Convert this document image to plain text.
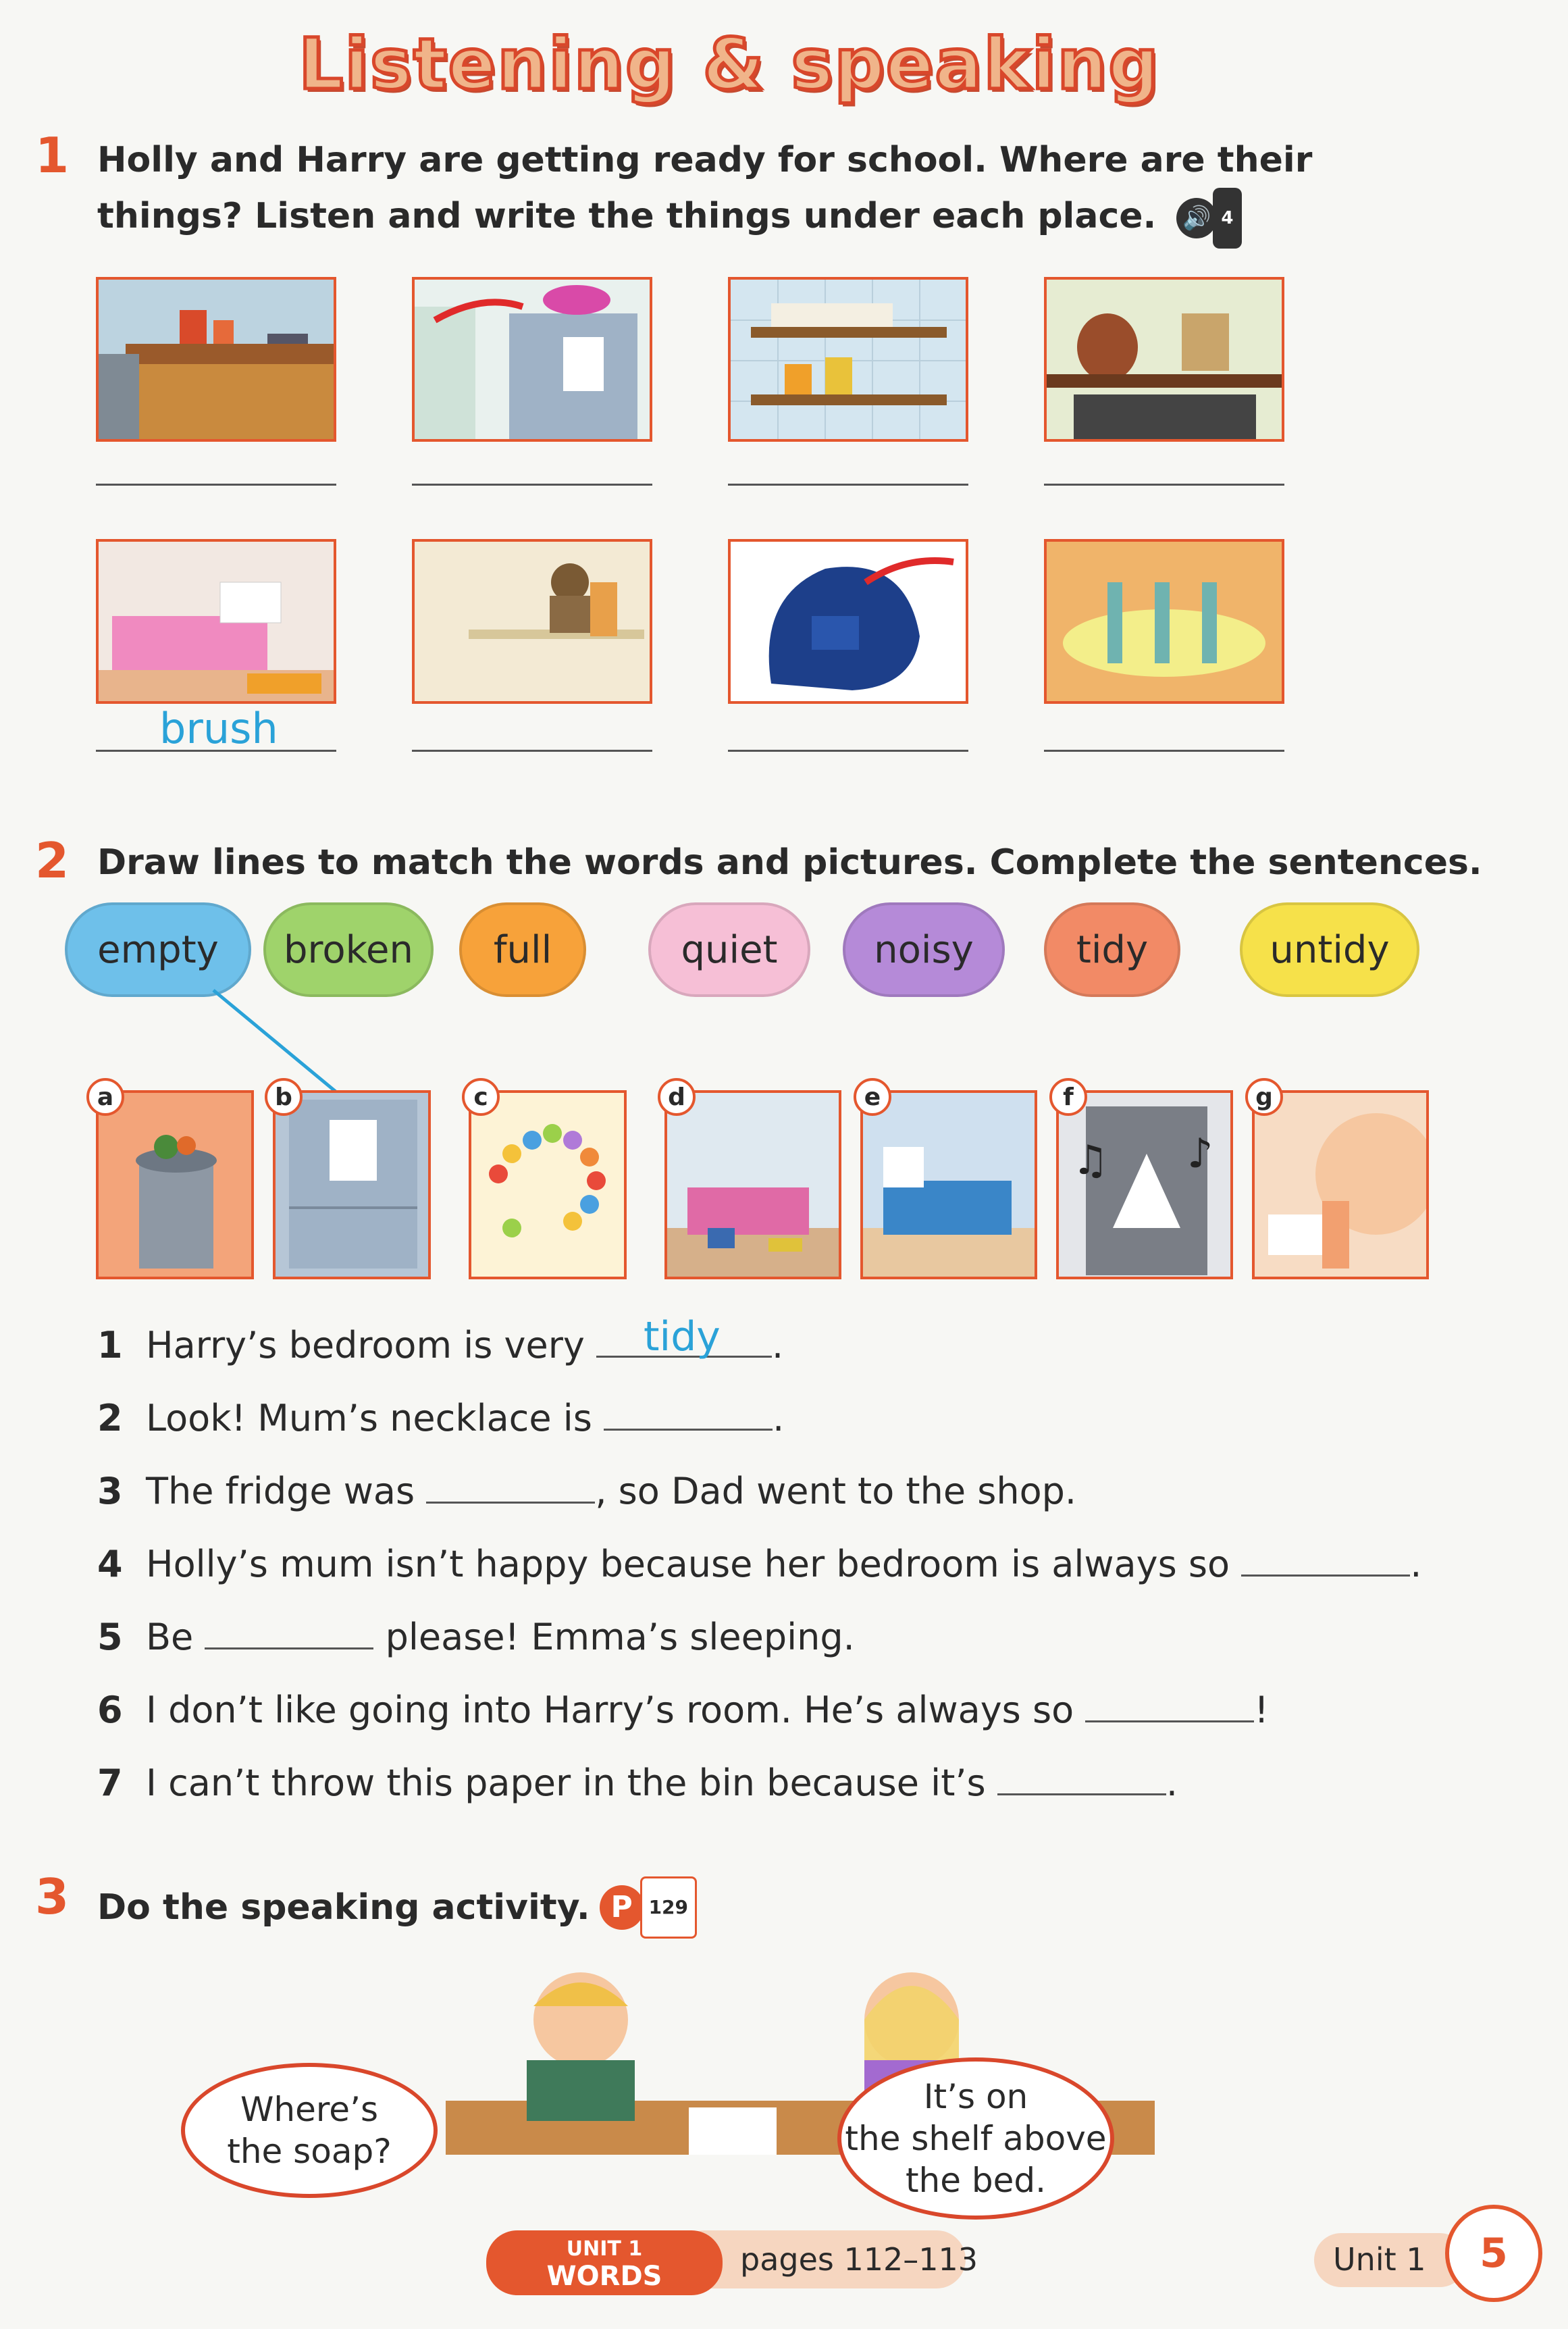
Listening & speaking
1 Holly and Harry are getting ready for school. Where are their
things? Listen and write the things under each place. 🔊 4
brush
2 Draw lines to match the words and pictures. Complete the sentences.
empty	broken	full	quiet	noisy	tidy	untidy
♫ ♪
a	b	c	d	e	f	g
1 Harry’s bedroom is very tidy .
2 Look! Mum’s necklace is	.
3 The fridge was	, so Dad went to the shop.
4 Holly’s mum isn’t happy because her bedroom is always so	.
5 Be	please! Emma’s sleeping.
6 I don’t like going into Harry’s room. He’s always so	!
7 I can’t throw this paper in the bin because it’s	.
3 Do the speaking activity. P 129
Where’s
the soap?
It’s on
the shelf above
the bed.
UNIT 1
WORDS	pages 112–113	Unit 1	5
